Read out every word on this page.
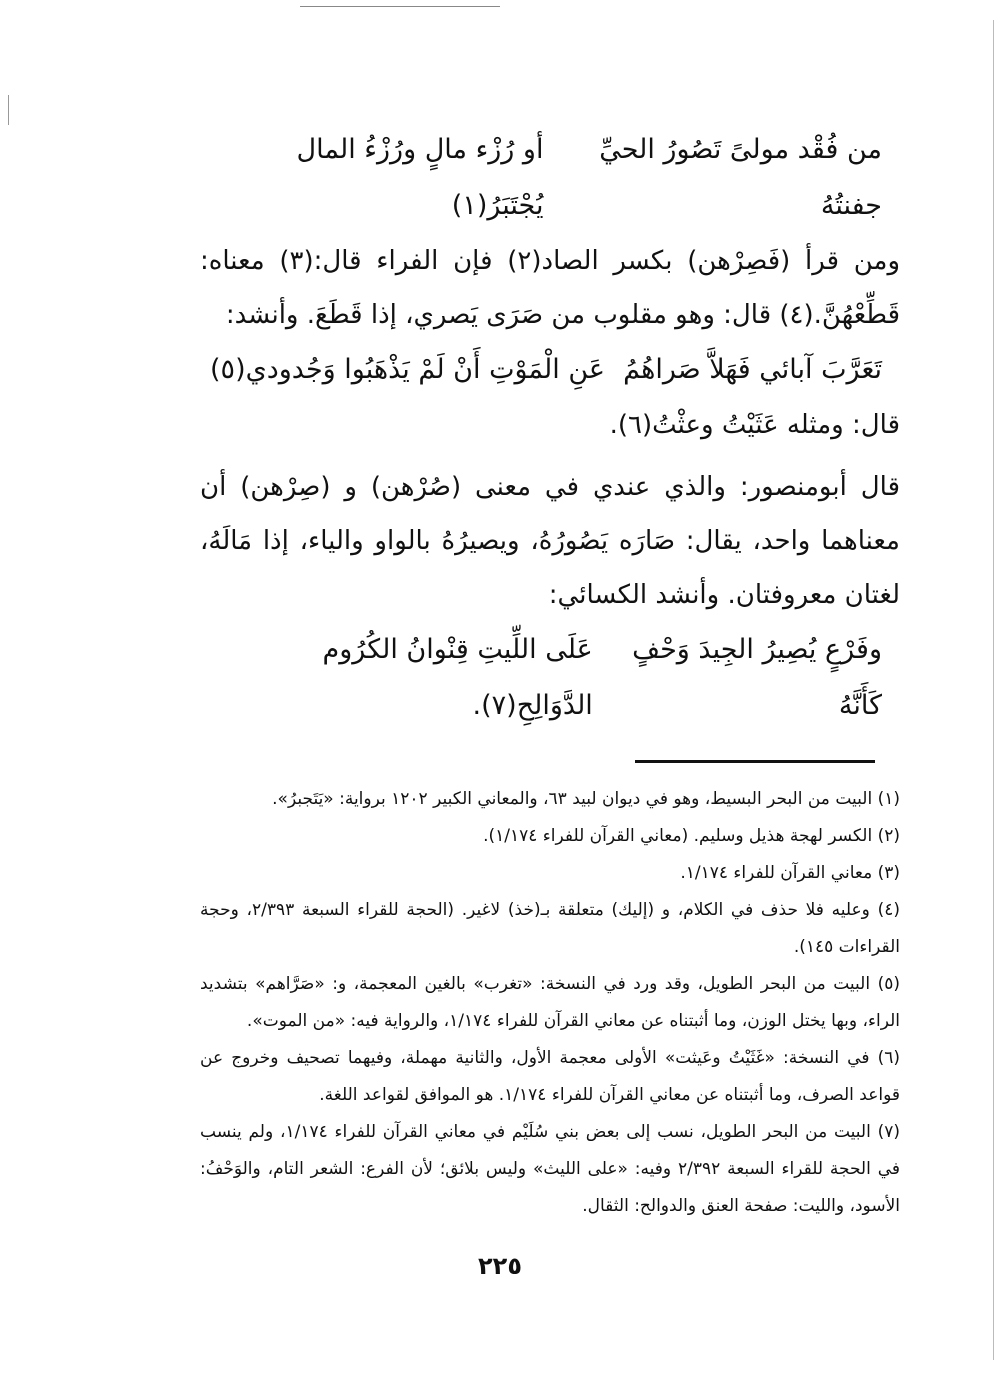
من فُقْد مولىً تَصُورُ الحيِّ جفنتُهُ
أو رُزْء مالٍ ورُزْءُ المال يُجْتَبَرُ(١)

ومن قرأ (فَصِرْهن) بكسر الصاد(٢) فإن الفراء قال:(٣) معناه: قَطِّعْهُنَّ.(٤) قال: وهو مقلوب من صَرَى يَصري، إذا قَطَعَ. وأنشد:

تَعَرَّبَ آبائي فَهَلاَّ صَراهُمُ
عَنِ الْمَوْتِ أَنْ لَمْ يَذْهَبُوا وَجُدودي(٥)

قال: ومثله عَثَيْتُ وعثْتُ(٦).

قال أبومنصور: والذي عندي في معنى (صُرْهن) و (صِرْهن) أن معناهما واحد، يقال: صَارَه يَصُورُهُ، ويصيرُهُ بالواو والياء، إذا مَالَهُ، لغتان معروفتان. وأنشد الكسائي:

وفَرْعٍ يُصِيرُ الجِيدَ وَحْفٍ كَأَنَّهُ
عَلَى اللِّيتِ قِنْوانُ الكُرُوم الدَّوَالِحِ(٧).

(١) البيت من البحر البسيط، وهو في ديوان لبيد ٦٣، والمعاني الكبير ١٢٠٢ برواية: «يَتَجبرُ».

(٢) الكسر لهجة هذيل وسليم. (معاني القرآن للفراء ١/١٧٤).

(٣) معاني القرآن للفراء ١/١٧٤.

(٤) وعليه فلا حذف في الكلام، و (إليك) متعلقة بـ(خذ) لاغير. (الحجة للقراء السبعة ٢/٣٩٣، وحجة القراءات ١٤٥).

(٥) البيت من البحر الطويل، وقد ورد في النسخة: «تغرب» بالغين المعجمة، و: «صَرَّاهم» بتشديد الراء، وبها يختل الوزن، وما أثبتناه عن معاني القرآن للفراء ١/١٧٤، والرواية فيه: «من الموت».

(٦) في النسخة: «غَثَيْتُ وعَيثت» الأولى معجمة الأول، والثانية مهملة، وفيهما تصحيف وخروج عن قواعد الصرف، وما أثبتناه عن معاني القرآن للفراء ١/١٧٤. هو الموافق لقواعد اللغة.

(٧) البيت من البحر الطويل، نسب إلى بعض بني سُلَيْم في معاني القرآن للفراء ١/١٧٤، ولم ينسب في الحجة للقراء السبعة ٢/٣٩٢ وفيه: «على الليث» وليس بلائق؛ لأن الفرع: الشعر التام، والوَحْفُ: الأسود، والليت: صفحة العنق والدوالح: الثقال.

٢٢٥
